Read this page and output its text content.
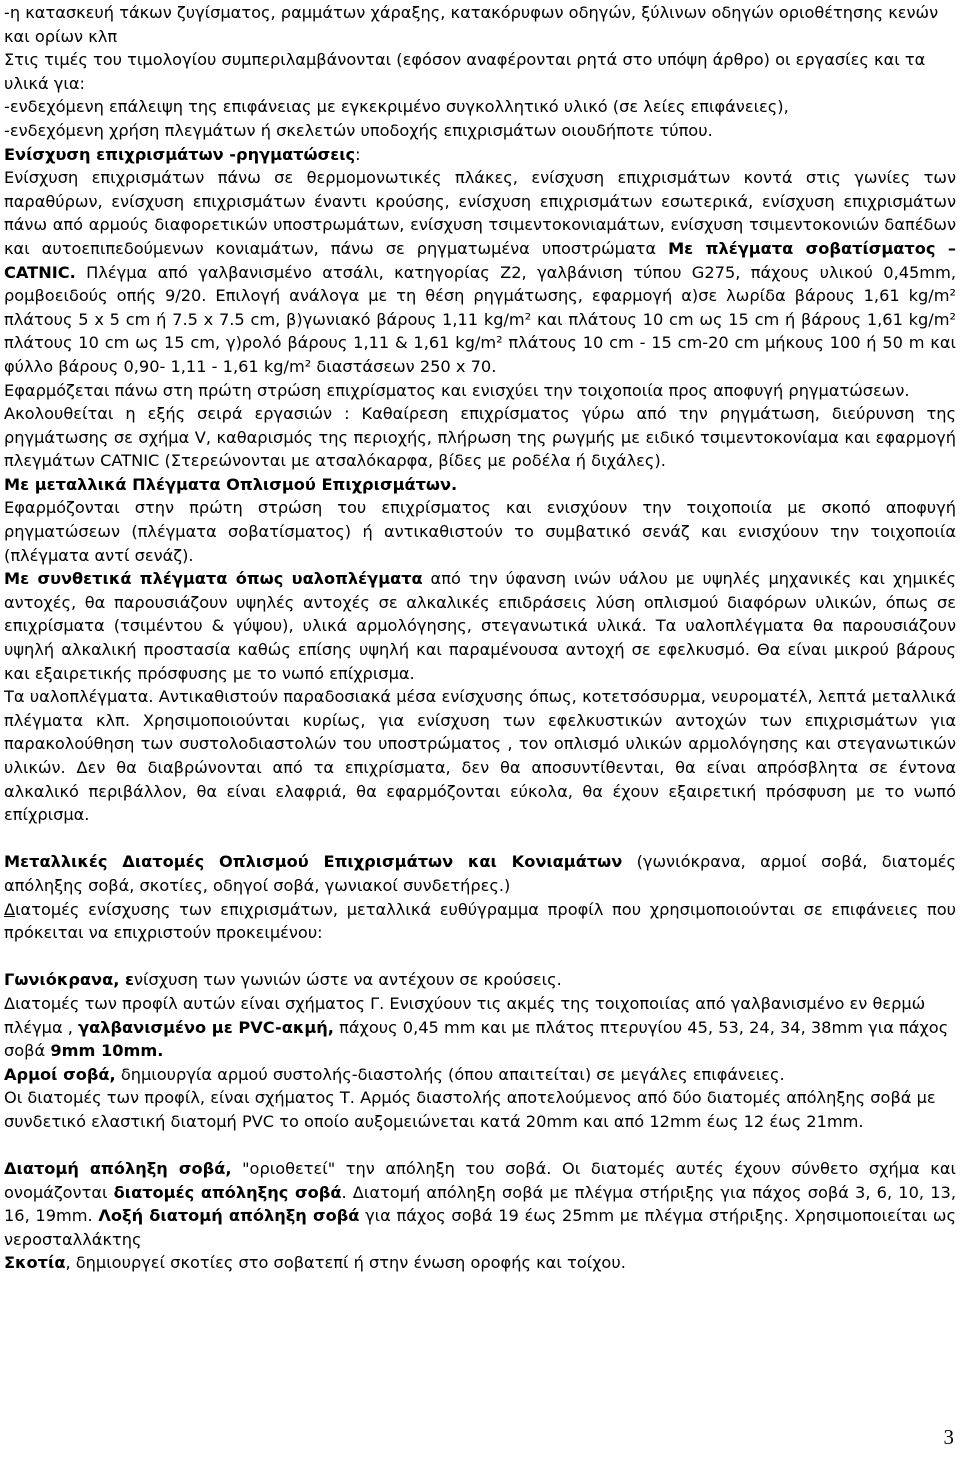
-η κατασκευή τάκων ζυγίσματος, ραμμάτων χάραξης, κατακόρυφων οδηγών, ξύλινων οδηγών οριοθέτησης κενών και ορίων κλπ

Στις τιμές του τιμολογίου συμπεριλαμβάνονται (εφόσον αναφέρονται ρητά στο υπόψη άρθρο) οι εργασίες και τα υλικά για:

-ενδεχόμενη επάλειψη της επιφάνειας με εγκεκριμένο συγκολλητικό υλικό (σε λείες επιφάνειες),

-ενδεχόμενη χρήση πλεγμάτων ή σκελετών υποδοχής επιχρισμάτων οιουδήποτε τύπου.

Ενίσχυση επιχρισμάτων -ρηγματώσεις:

Ενίσχυση επιχρισμάτων πάνω σε θερμομονωτικές πλάκες, ενίσχυση επιχρισμάτων κοντά στις γωνίες των παραθύρων, ενίσχυση επιχρισμάτων έναντι κρούσης, ενίσχυση επιχρισμάτων εσωτερικά, ενίσχυση επιχρισμάτων πάνω από αρμούς διαφορετικών υποστρωμάτων, ενίσχυση τσιμεντοκονιαμάτων, ενίσχυση τσιμεντοκονιών δαπέδων και αυτοεπιπεδούμενων κονιαμάτων, πάνω σε ρηγματωμένα υποστρώματα Με πλέγματα σοβατίσματος – CATNIC. Πλέγμα από γαλβανισμένο ατσάλι, κατηγορίας Ζ2, γαλβάνιση τύπου G275, πάχους υλικού 0,45mm, ρομβοειδούς οπής 9/20. Επιλογή ανάλογα με τη θέση ρηγμάτωσης, εφαρμογή α)σε λωρίδα βάρους 1,61 kg/m² πλάτους 5 x 5 cm ή 7.5 x 7.5 cm, β)γωνιακό βάρους 1,11 kg/m² και πλάτους 10 cm ως 15 cm ή βάρους 1,61 kg/m² πλάτους 10 cm ως 15 cm, γ)ρολό βάρους 1,11 & 1,61 kg/m² πλάτους 10 cm - 15 cm-20 cm μήκους 100 ή 50 m και φύλλο βάρους 0,90- 1,11 - 1,61 kg/m² διαστάσεων 250 x 70.

Εφαρμόζεται πάνω στη πρώτη στρώση επιχρίσματος και ενισχύει την τοιχοποιία προς αποφυγή ρηγματώσεων.

Ακολουθείται η εξής σειρά εργασιών : Καθαίρεση επιχρίσματος γύρω από την ρηγμάτωση, διεύρυνση της ρηγμάτωσης σε σχήμα V, καθαρισμός της περιοχής, πλήρωση της ρωγμής με ειδικό τσιμεντοκονίαμα και εφαρμογή πλεγμάτων CATNIC (Στερεώνονται με ατσαλόκαρφα, βίδες με ροδέλα ή διχάλες).

Με μεταλλικά Πλέγματα Οπλισμού Επιχρισμάτων.

Εφαρμόζονται στην πρώτη στρώση του επιχρίσματος και ενισχύουν την τοιχοποιία με σκοπό αποφυγή ρηγματώσεων (πλέγματα σοβατίσματος) ή αντικαθιστούν το συμβατικό σενάζ και ενισχύουν την τοιχοποιία (πλέγματα αντί σενάζ).

Με συνθετικά πλέγματα όπως υαλοπλέγματα από την ύφανση ινών υάλου με υψηλές μηχανικές και χημικές αντοχές, θα παρουσιάζουν υψηλές αντοχές σε αλκαλικές επιδράσεις λύση οπλισμού διαφόρων υλικών, όπως σε επιχρίσματα (τσιμέντου & γύψου), υλικά αρμολόγησης, στεγανωτικά υλικά. Τα υαλοπλέγματα θα παρουσιάζουν υψηλή αλκαλική προστασία καθώς επίσης υψηλή και παραμένουσα αντοχή σε εφελκυσμό. Θα είναι μικρού βάρους και εξαιρετικής πρόσφυσης με το νωπό επίχρισμα.

Τα υαλοπλέγματα. Αντικαθιστούν παραδοσιακά μέσα ενίσχυσης όπως, κοτετσόσυρμα, νευροματέλ, λεπτά μεταλλικά πλέγματα κλπ. Χρησιμοποιούνται κυρίως, για ενίσχυση των εφελκυστικών αντοχών των επιχρισμάτων για παρακολούθηση των συστολοδιαστολών του υποστρώματος , τον οπλισμό υλικών αρμολόγησης και στεγανωτικών υλικών. Δεν θα διαβρώνονται από τα επιχρίσματα, δεν θα αποσυντίθενται, θα είναι απρόσβλητα σε έντονα αλκαλικό περιβάλλον, θα είναι ελαφριά, θα εφαρμόζονται εύκολα, θα έχουν εξαιρετική πρόσφυση με το νωπό επίχρισμα.

Μεταλλικές Διατομές Οπλισμού Επιχρισμάτων και Κονιαμάτων (γωνιόκρανα, αρμοί σοβά, διατομές απόληξης σοβά, σκοτίες, οδηγοί σοβά, γωνιακοί συνδετήρες.)

Διατομές ενίσχυσης των επιχρισμάτων, μεταλλικά ευθύγραμμα προφίλ που χρησιμοποιούνται σε επιφάνειες που πρόκειται να επιχριστούν προκειμένου:

Γωνιόκρανα, ενίσχυση των γωνιών ώστε να αντέχουν σε κρούσεις.

Διατομές των προφίλ αυτών είναι σχήματος Γ. Ενισχύουν τις ακμές της τοιχοποιίας από γαλβανισμένο εν θερμώ πλέγμα , γαλβανισμένο με PVC-ακμή, πάχους 0,45 mm και με πλάτος πτερυγίου 45, 53, 24, 34, 38mm για πάχος σοβά 9mm 10mm.

Αρμοί σοβά, δημιουργία αρμού συστολής-διαστολής (όπου απαιτείται) σε μεγάλες επιφάνειες.

Οι διατομές των προφίλ, είναι σχήματος Τ. Αρμός διαστολής αποτελούμενος από δύο διατομές απόληξης σοβά με συνδετικό ελαστική διατομή PVC το οποίο αυξομειώνεται κατά 20mm και από 12mm έως 12 έως 21mm.

Διατομή απόληξη σοβά, "οριοθετεί" την απόληξη του σοβά. Οι διατομές αυτές έχουν σύνθετο σχήμα και ονομάζονται διατομές απόληξης σοβά. Διατομή απόληξη σοβά με πλέγμα στήριξης για πάχος σοβά 3, 6, 10, 13, 16, 19mm. Λοξή διατομή απόληξη σοβά για πάχος σοβά 19 έως 25mm με πλέγμα στήριξης. Χρησιμοποιείται ως νεροσταλλάκτης

Σκοτία, δημιουργεί σκοτίες στο σοβατεπί ή στην ένωση οροφής και τοίχου.

3
